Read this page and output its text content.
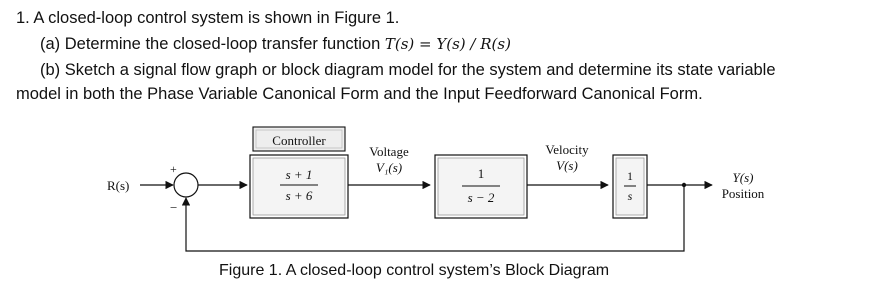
1. A closed-loop control system is shown in Figure 1.
(a) Determine the closed-loop transfer function T(s) = Y(s) / R(s)
(b) Sketch a signal flow graph or block diagram model for the system and determine its state variable
model in both the Phase Variable Canonical Form and the Input Feedforward Canonical Form.
R(s)
+
−
Controller
s + 1
s + 6
Voltage
V₁(s)	1
s − 2
Velocity
V(s)
1
s
Y(s)
Position
Figure 1. A closed-loop control system’s Block Diagram
